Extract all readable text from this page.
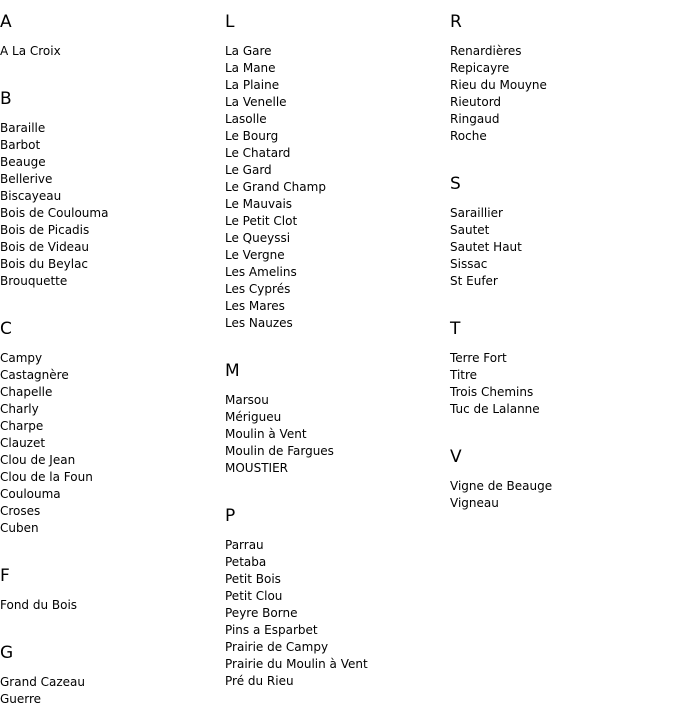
A
A La Croix
B
Baraille
Barbot
Beauge
Bellerive
Biscayeau
Bois de Coulouma
Bois de Picadis
Bois de Videau
Bois du Beylac
Brouquette
C
Campy
Castagnère
Chapelle
Charly
Charpe
Clauzet
Clou de Jean
Clou de la Foun
Coulouma
Croses
Cuben
F
Fond du Bois
G
Grand Cazeau
Guerre
L
La Gare
La Mane
La Plaine
La Venelle
Lasolle
Le Bourg
Le Chatard
Le Gard
Le Grand Champ
Le Mauvais
Le Petit Clot
Le Queyssi
Le Vergne
Les Amelins
Les Cyprés
Les Mares
Les Nauzes
M
Marsou
Mérigueu
Moulin à Vent
Moulin de Fargues
MOUSTIER
P
Parrau
Petaba
Petit Bois
Petit Clou
Peyre Borne
Pins a Esparbet
Prairie de Campy
Prairie du Moulin à Vent
Pré du Rieu
R
Renardières
Repicayre
Rieu du Mouyne
Rieutord
Ringaud
Roche
S
Saraillier
Sautet
Sautet Haut
Sissac
St Eufer
T
Terre Fort
Titre
Trois Chemins
Tuc de Lalanne
V
Vigne de Beauge
Vigneau
